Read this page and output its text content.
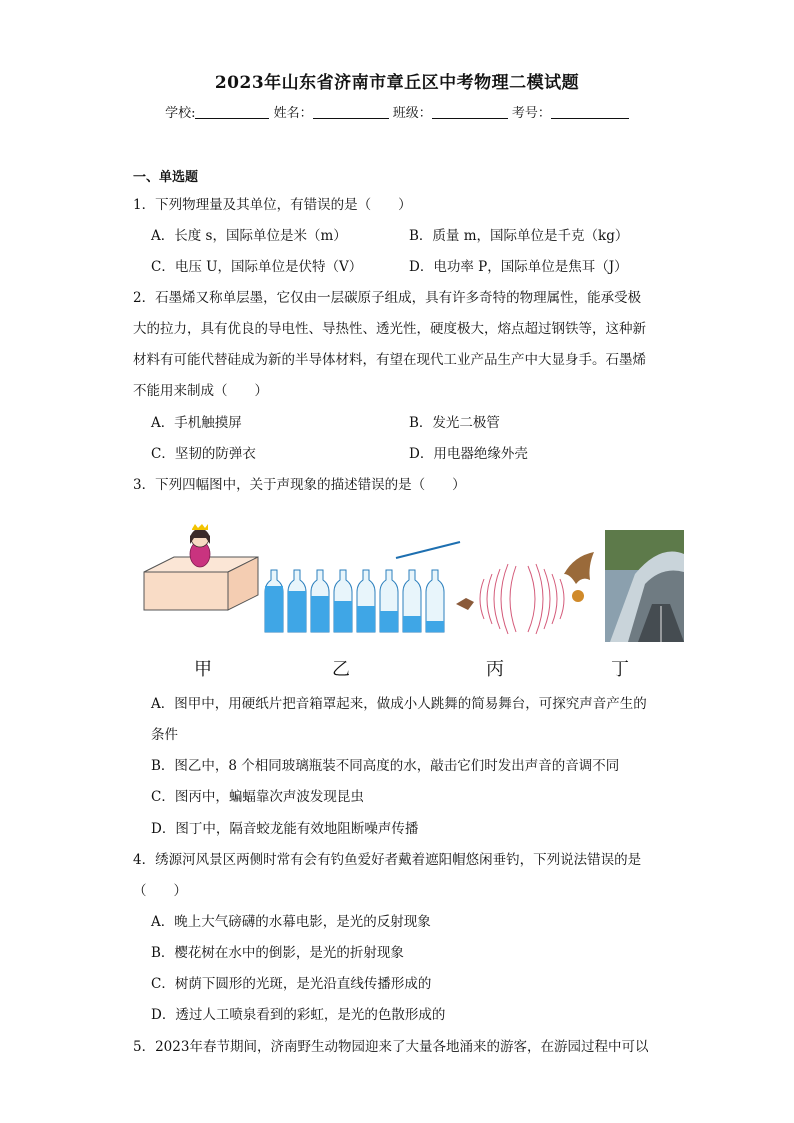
2023年山东省济南市章丘区中考物理二模试题
学校:	姓名：	班级：	考号：
一、单选题
1．下列物理量及其单位，有错误的是（　　）
A．长度 s，国际单位是米（m）	B．质量 m，国际单位是千克（kg）
C．电压 U，国际单位是伏特（V）	D．电功率 P，国际单位是焦耳（J）
2．石墨烯又称单层墨，它仅由一层碳原子组成，具有许多奇特的物理属性，能承受极
大的拉力，具有优良的导电性、导热性、透光性，硬度极大，熔点超过钢铁等，这种新
材料有可能代替硅成为新的半导体材料，有望在现代工业产品生产中大显身手。石墨烯
不能用来制成（　　）
A．手机触摸屏	B．发光二极管
C．坚韧的防弹衣	D．用电器绝缘外壳
3．下列四幅图中，关于声现象的描述错误的是（　　）
甲	乙	丙	丁
A．图甲中，用硬纸片把音箱罩起来，做成小人跳舞的简易舞台，可探究声音产生的
条件
B．图乙中，8 个相同玻璃瓶装不同高度的水，敲击它们时发出声音的音调不同
C．图丙中，蝙蝠靠次声波发现昆虫
D．图丁中，隔音蛟龙能有效地阻断噪声传播
4．绣源河风景区两侧时常有会有钓鱼爱好者戴着遮阳帽悠闲垂钓，下列说法错误的是
（　　）
A．晚上大气磅礴的水幕电影，是光的反射现象
B．樱花树在水中的倒影，是光的折射现象
C．树荫下圆形的光斑，是光沿直线传播形成的
D．透过人工喷泉看到的彩虹，是光的色散形成的
5．2023年春节期间，济南野生动物园迎来了大量各地涌来的游客，在游园过程中可以
